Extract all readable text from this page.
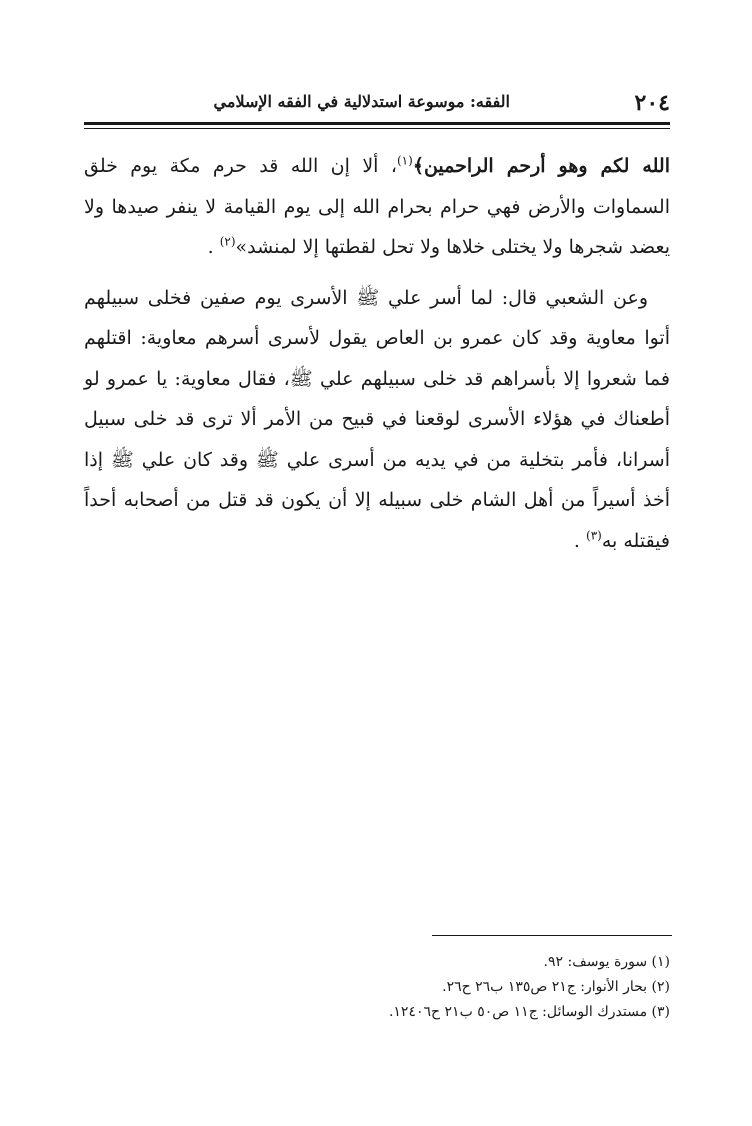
٢٠٤
الفقه: موسوعة استدلالية في الفقه الإسلامي

الله لكم وهو أرحم الراحمين﴾$^{(١)}$، ألا إن الله قد حرم مكة يوم خلق السماوات والأرض فهي حرام بحرام الله إلى يوم القيامة لا ينفر صيدها ولا يعضد شجرها ولا يختلى خلاها ولا تحل لقطتها إلا لمنشد»$^{(٢)}$ .

وعن الشعبي قال: لما أسر علي ﷺ الأسرى يوم صفين فخلى سبيلهم أتوا معاوية وقد كان عمرو بن العاص يقول لأسرى أسرهم معاوية: اقتلهم فما شعروا إلا بأسراهم قد خلى سبيلهم علي ﷺ، فقال معاوية: يا عمرو لو أطعناك في هؤلاء الأسرى لوقعنا في قبيح من الأمر ألا ترى قد خلى سبيل أسرانا، فأمر بتخلية من في يديه من أسرى علي ﷺ وقد كان علي ﷺ إذا أخذ أسيراً من أهل الشام خلى سبيله إلا أن يكون قد قتل من أصحابه أحداً فيقتله به$^{(٣)}$ .

(١) سورة يوسف: ٩٢.
(٢) بحار الأنوار: ج٢١ ص١٣٥ ب٢٦ ح٢٦.
(٣) مستدرك الوسائل: ج١١ ص٥٠ ب٢١ ح١٢٤٠٦.
